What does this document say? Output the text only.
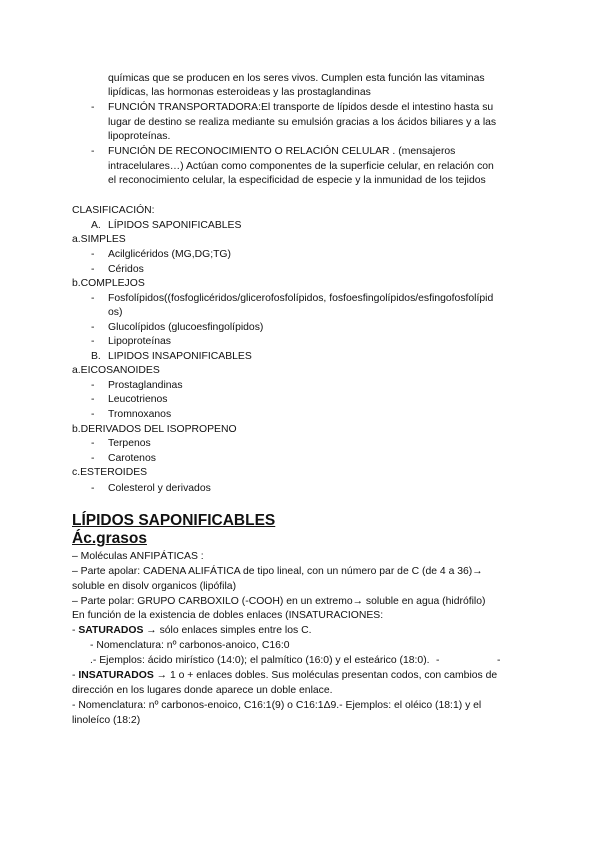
químicas que se producen en los seres vivos. Cumplen esta función las vitaminas
lipídicas, las hormonas esteroideas y las prostaglandinas
- FUNCIÓN TRANSPORTADORA:El transporte de lípidos desde el intestino hasta su
lugar de destino se realiza mediante su emulsión gracias a los ácidos biliares y a las
lipoproteínas.
- FUNCIÓN DE RECONOCIMIENTO O RELACIÓN CELULAR . (mensajeros
intracelulares…) Actúan como componentes de la superficie celular, en relación con
el reconocimiento celular, la especificidad de especie y la inmunidad de los tejidos
CLASIFICACIÓN:
A. LÍPIDOS SAPONIFICABLES
a.SIMPLES
- Acilglicéridos (MG,DG;TG)
- Céridos
b.COMPLEJOS
- Fosfolípidos((fosfoglicéridos/glicerofosfolípidos, fosfoesfingolípidos/esfingofosfolípid
os)
- Glucolípidos (glucoesfingolípidos)
- Lipoproteínas
B. LIPIDOS INSAPONIFICABLES
a.EICOSANOIDES
- Prostaglandinas
- Leucotrienos
- Tromnoxanos
b.DERIVADOS DEL ISOPROPENO
- Terpenos
- Carotenos
c.ESTEROIDES
- Colesterol y derivados
LÍPIDOS SAPONIFICABLES
Ác.grasos
– Moléculas ANFIPÁTICAS :
– Parte apolar: CADENA ALIFÁTICA de tipo lineal, con un número par de C (de 4 a 36)→
soluble en disolv organicos (lipófila)
– Parte polar: GRUPO CARBOXILO (-COOH) en un extremo→ soluble en agua (hidrófilo)
En función de la existencia de dobles enlaces (INSATURACIONES:
- SATURADOS → sólo enlaces simples entre los C.
- Nomenclatura: nº carbonos-anoico, C16:0
.- Ejemplos: ácido mirístico (14:0); el palmítico (16:0) y el esteárico (18:0). -	-
- INSATURADOS → 1 o + enlaces dobles. Sus moléculas presentan codos, con cambios de
dirección en los lugares donde aparece un doble enlace.
- Nomenclatura: nº carbonos-enoico, C16:1(9) o C16:1Δ9.- Ejemplos: el oléico (18:1) y el
linoleíco (18:2)
